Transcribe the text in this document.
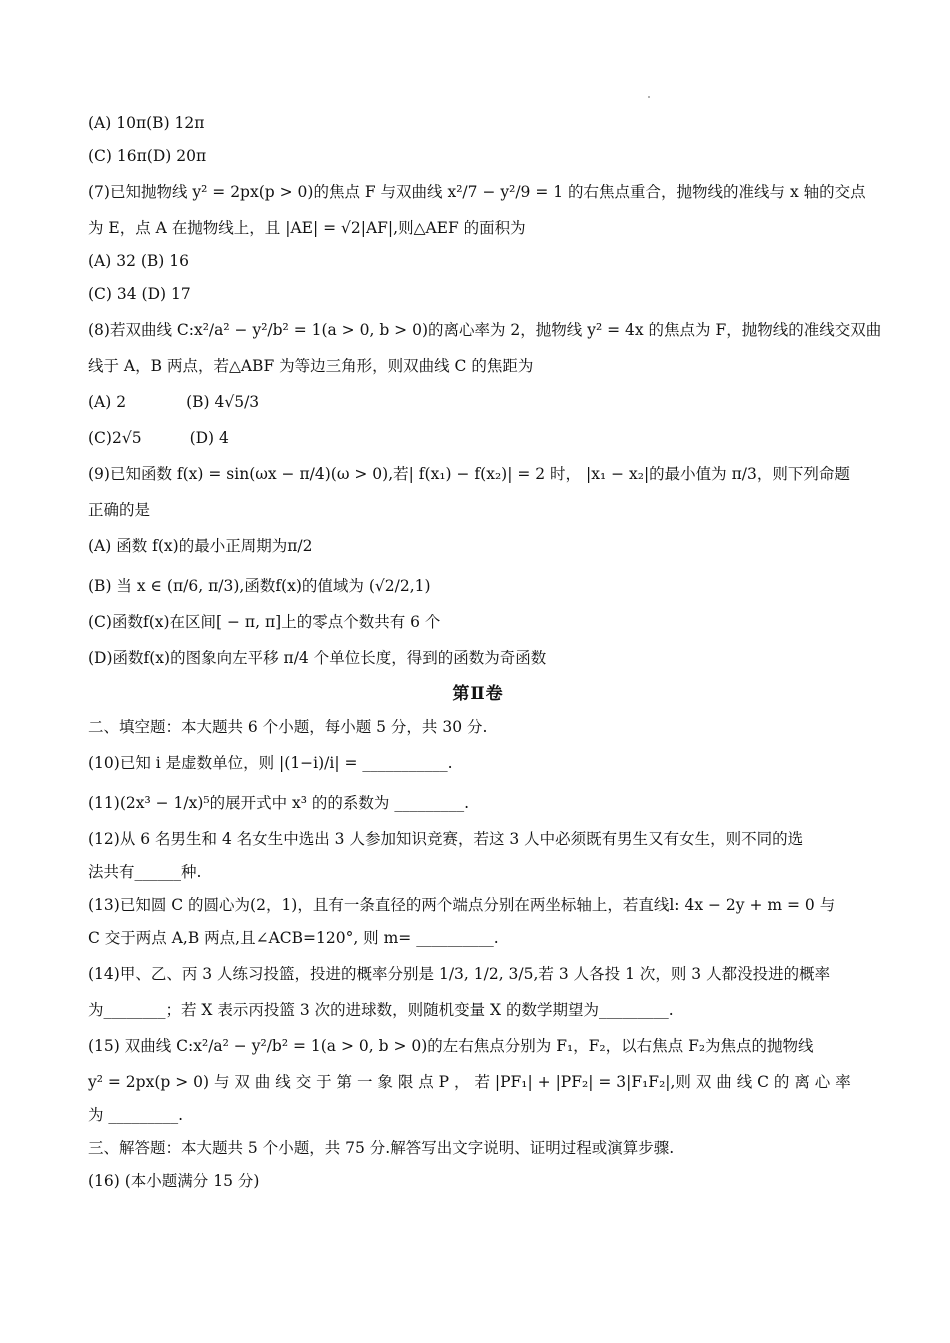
(A) 10π(B) 12π

(C) 16π(D) 20π

(7)已知抛物线 y² = 2px(p > 0)的焦点 F 与双曲线 x²/7 − y²/9 = 1 的右焦点重合，抛物线的准线与 x 轴的交点

为 E，点 A 在抛物线上，且 |AE| = √2|AF|,则△AEF 的面积为

(A) 32 (B) 16

(C) 34 (D) 17

(8)若双曲线 C:x²/a² − y²/b² = 1(a > 0, b > 0)的离心率为 2，抛物线 y² = 4x 的焦点为 F，抛物线的准线交双曲

线于 A，B 两点，若△ABF 为等边三角形，则双曲线 C 的焦距为

(A) 2	(B) 4√5/3

(C)2√5	(D) 4

(9)已知函数 f(x) = sin(ωx − π/4)(ω > 0),若| f(x₁) − f(x₂)| = 2 时， |x₁ − x₂|的最小值为 π/3，则下列命题

正确的是

(A) 函数 f(x)的最小正周期为π/2

(B) 当 x ∈ (π/6, π/3),函数f(x)的值域为 (√2/2,1)

(C)函数f(x)在区间[ − π, π]上的零点个数共有 6 个

(D)函数f(x)的图象向左平移 π/4 个单位长度，得到的函数为奇函数

第Ⅱ卷

二、填空题：本大题共 6 个小题，每小题 5 分，共 30 分.

(10)已知 i 是虚数单位，则 |(1−i)/i| = ___________.

(11)(2x³ − 1/x)⁵的展开式中 x³ 的的系数为 _________.

(12)从 6 名男生和 4 名女生中选出 3 人参加知识竞赛，若这 3 人中必须既有男生又有女生，则不同的选

法共有______种.

(13)已知圆 C 的圆心为(2，1)，且有一条直径的两个端点分别在两坐标轴上，若直线l: 4x − 2y + m = 0 与

C 交于两点 A,B 两点,且∠ACB=120°, 则 m= __________.

(14)甲、乙、丙 3 人练习投篮，投进的概率分别是 1/3, 1/2, 3/5,若 3 人各投 1 次，则 3 人都没投进的概率

为________；若 X 表示丙投篮 3 次的进球数，则随机变量 X 的数学期望为_________.

(15) 双曲线 C:x²/a² − y²/b² = 1(a > 0, b > 0)的左右焦点分别为 F₁，F₂，以右焦点 F₂为焦点的抛物线

y² = 2px(p > 0) 与 双 曲 线 交 于 第 一 象 限 点 P ， 若 |PF₁| + |PF₂| = 3|F₁F₂|,则 双 曲 线 C 的 离 心 率

为 _________.

三、解答题：本大题共 5 个小题，共 75 分.解答写出文字说明、证明过程或演算步骤.

(16) (本小题满分 15 分)
